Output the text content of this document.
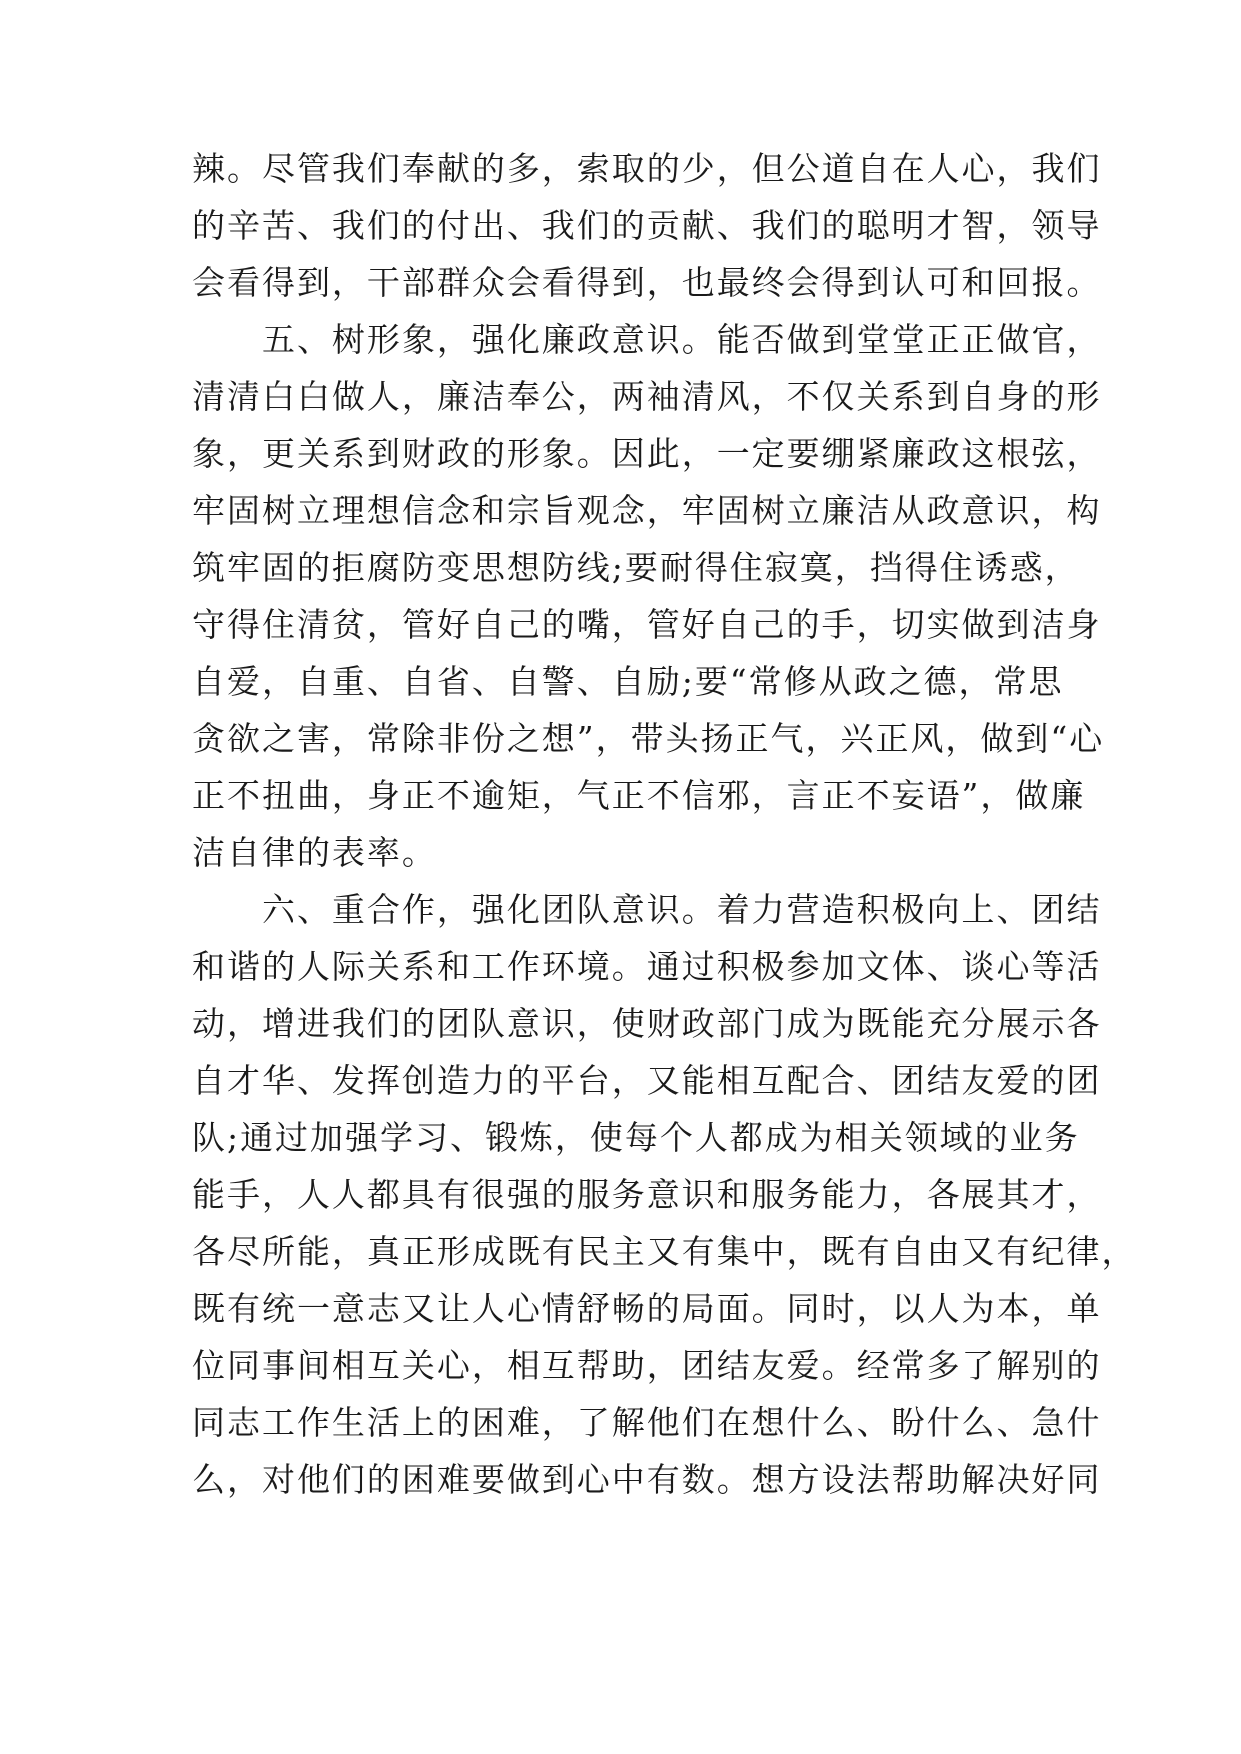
辣。尽管我们奉献的多，索取的少，但公道自在人心，我们
的辛苦、我们的付出、我们的贡献、我们的聪明才智，领导
会看得到，干部群众会看得到，也最终会得到认可和回报。
　　五、树形象，强化廉政意识。能否做到堂堂正正做官，
清清白白做人，廉洁奉公，两袖清风，不仅关系到自身的形
象，更关系到财政的形象。因此，一定要绷紧廉政这根弦，
牢固树立理想信念和宗旨观念，牢固树立廉洁从政意识，构
筑牢固的拒腐防变思想防线;要耐得住寂寞，挡得住诱惑，
守得住清贫，管好自己的嘴，管好自己的手，切实做到洁身
自爱，自重、自省、自警、自励;要“常修从政之德，常思
贪欲之害，常除非份之想”，带头扬正气，兴正风，做到“心
正不扭曲，身正不逾矩，气正不信邪，言正不妄语”，做廉
洁自律的表率。
　　六、重合作，强化团队意识。着力营造积极向上、团结
和谐的人际关系和工作环境。通过积极参加文体、谈心等活
动，增进我们的团队意识，使财政部门成为既能充分展示各
自才华、发挥创造力的平台，又能相互配合、团结友爱的团
队;通过加强学习、锻炼，使每个人都成为相关领域的业务
能手，人人都具有很强的服务意识和服务能力，各展其才，
各尽所能，真正形成既有民主又有集中，既有自由又有纪律，
既有统一意志又让人心情舒畅的局面。同时，以人为本，单
位同事间相互关心，相互帮助，团结友爱。经常多了解别的
同志工作生活上的困难，了解他们在想什么、盼什么、急什
么，对他们的困难要做到心中有数。想方设法帮助解决好同
